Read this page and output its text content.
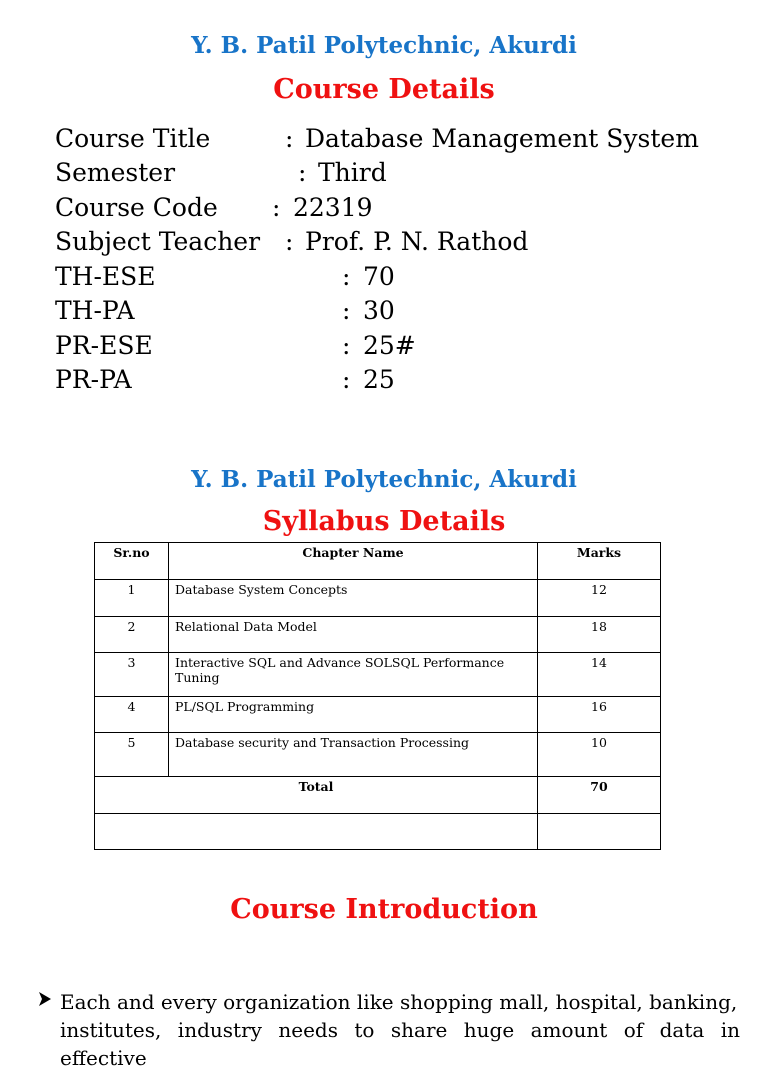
Y. B. Patil Polytechnic, Akurdi
Course Details
Course Title	: Database Management System
Semester	: Third
Course Code : 22319
Subject Teacher : Prof. P. N. Rathod
TH-ESE	: 70
TH-PA	: 30
PR-ESE	: 25#
PR-PA	: 25
Y. B. Patil Polytechnic, Akurdi
Syllabus Details
Sr.no	Chapter Name	Marks
1	Database System Concepts	12
2	Relational Data Model	18
3	Interactive SQL and Advance SOLSQL Performance Tuning	14
4	PL/SQL Programming	16
5	Database security and Transaction Processing	10
Total		70

Course Introduction
Each and every organization like shopping mall, hospital, banking,
institutes, industry needs to share huge amount of data in effective
